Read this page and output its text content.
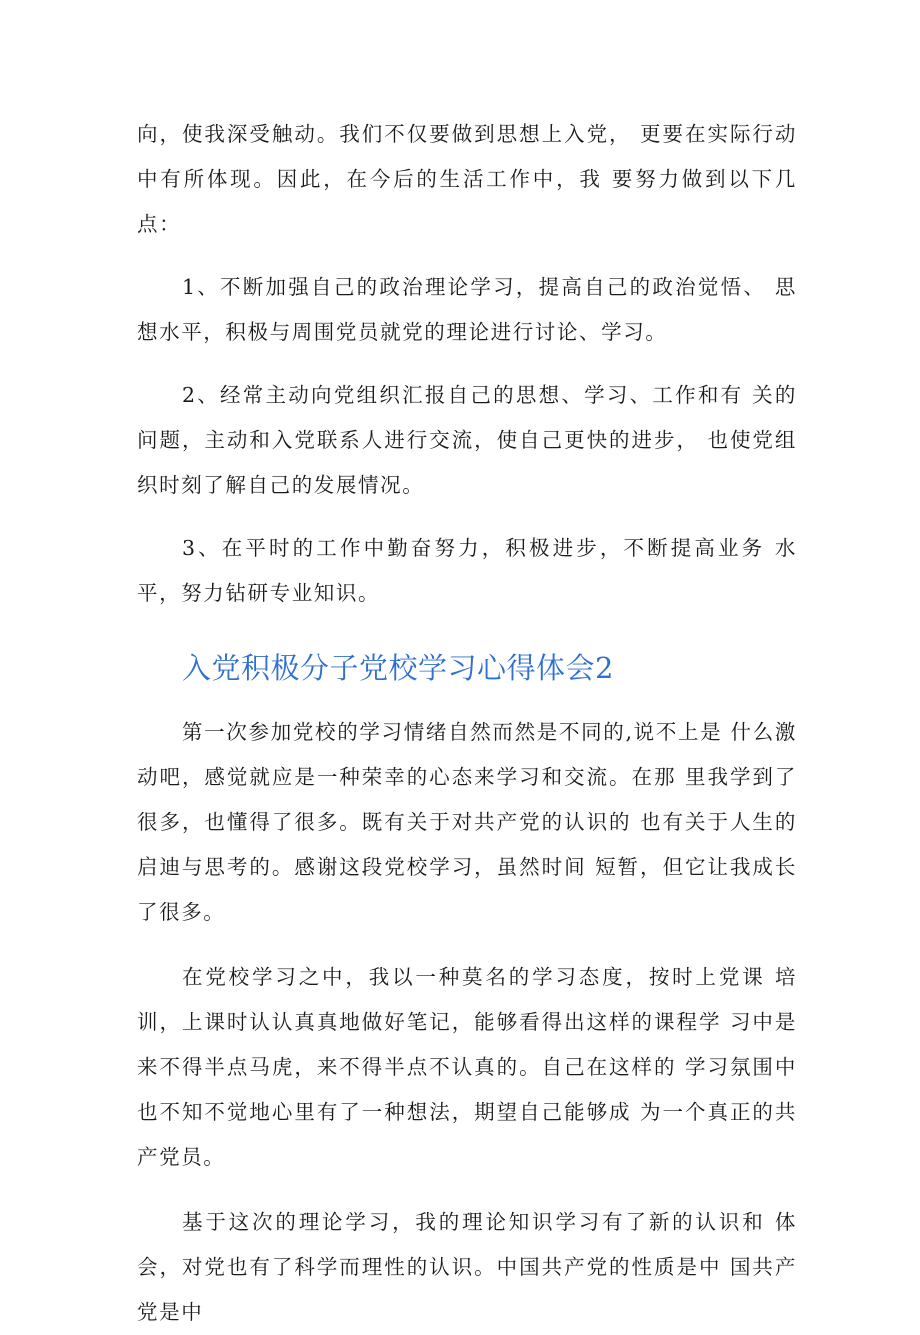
向，使我深受触动。我们不仅要做到思想上入党， 更要在实际行动中有所体现。因此，在今后的生活工作中，我 要努力做到以下几点：

1、不断加强自己的政治理论学习，提高自己的政治觉悟、 思想水平，积极与周围党员就党的理论进行讨论、学习。

2、经常主动向党组织汇报自己的思想、学习、工作和有 关的问题，主动和入党联系人进行交流，使自己更快的进步， 也使党组织时刻了解自己的发展情况。

3、在平时的工作中勤奋努力，积极进步，不断提高业务 水平，努力钻研专业知识。

入党积极分子党校学习心得体会2

第一次参加党校的学习情绪自然而然是不同的,说不上是 什么激动吧，感觉就应是一种荣幸的心态来学习和交流。在那 里我学到了很多，也懂得了很多。既有关于对共产党的认识的 也有关于人生的启迪与思考的。感谢这段党校学习，虽然时间 短暂，但它让我成长了很多。

在党校学习之中，我以一种莫名的学习态度，按时上党课 培训，上课时认认真真地做好笔记，能够看得出这样的课程学 习中是来不得半点马虎，来不得半点不认真的。自己在这样的 学习氛围中也不知不觉地心里有了一种想法，期望自己能够成 为一个真正的共产党员。

基于这次的理论学习，我的理论知识学习有了新的认识和 体会，对党也有了科学而理性的认识。中国共产党的性质是中 国共产党是中
